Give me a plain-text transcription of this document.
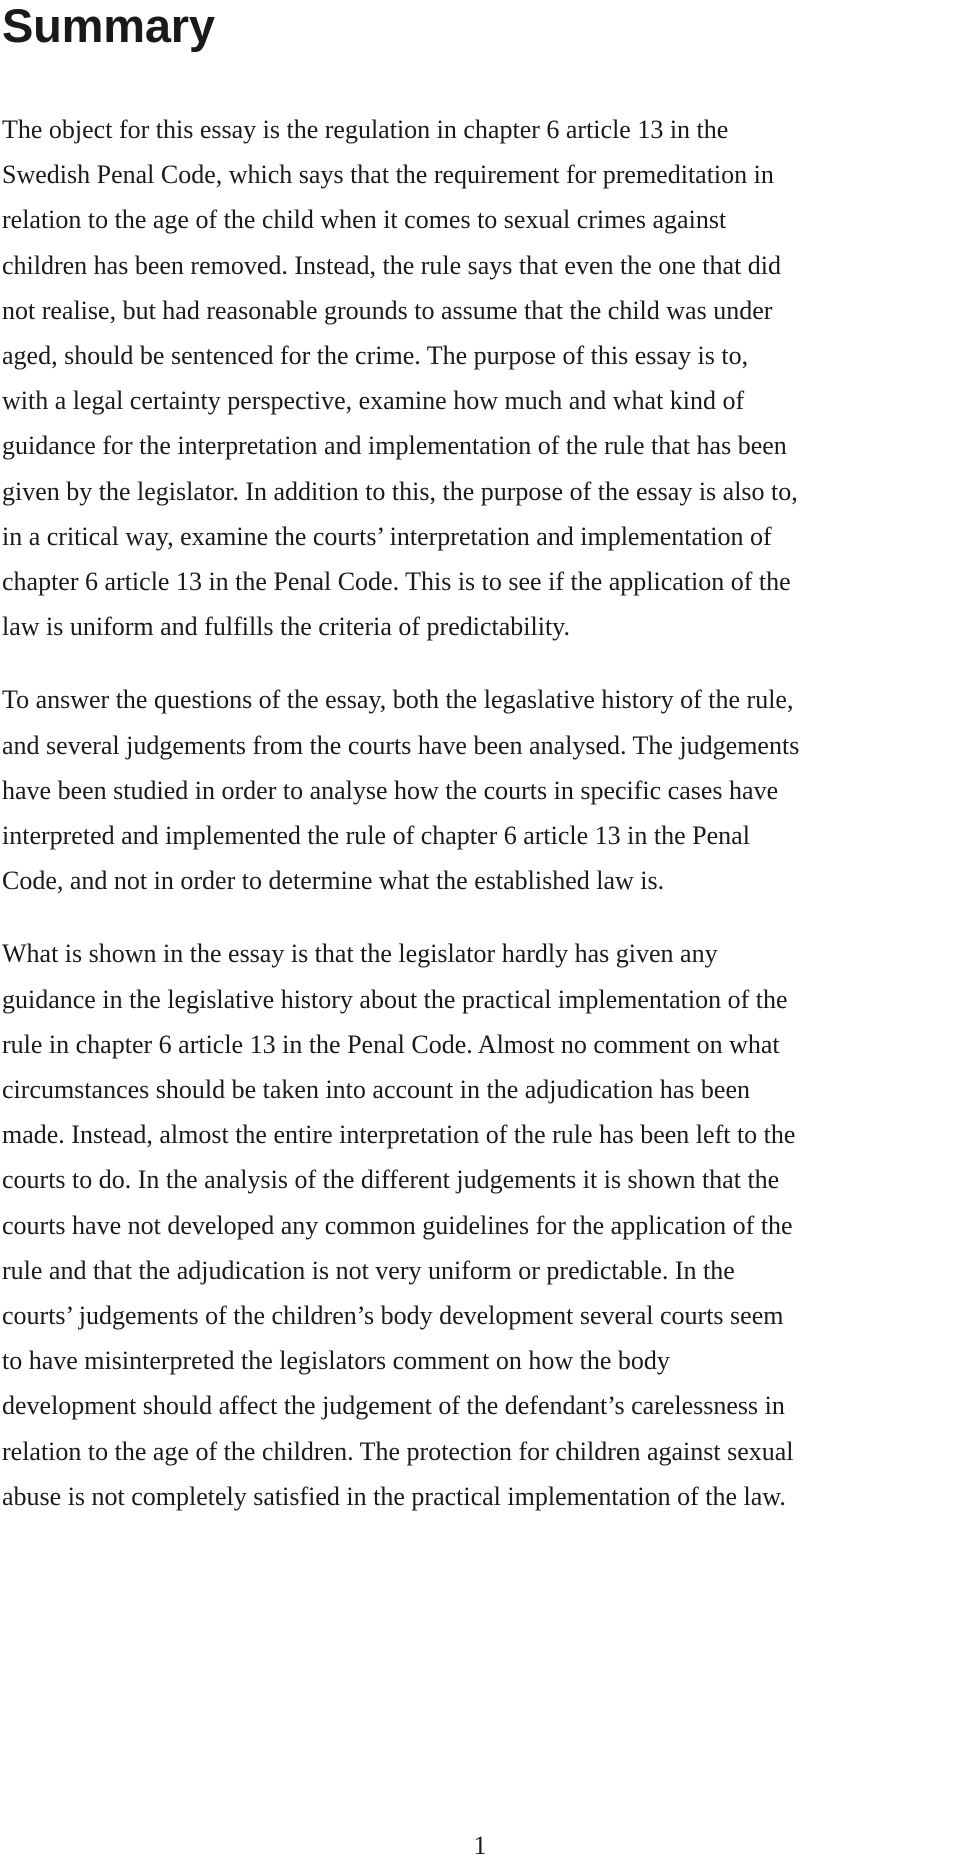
Summary

The object for this essay is the regulation in chapter 6 article 13 in the
Swedish Penal Code, which says that the requirement for premeditation in
relation to the age of the child when it comes to sexual crimes against
children has been removed. Instead, the rule says that even the one that did
not realise, but had reasonable grounds to assume that the child was under
aged, should be sentenced for the crime. The purpose of this essay is to,
with a legal certainty perspective, examine how much and what kind of
guidance for the interpretation and implementation of the rule that has been
given by the legislator. In addition to this, the purpose of the essay is also to,
in a critical way, examine the courts’ interpretation and implementation of
chapter 6 article 13 in the Penal Code. This is to see if the application of the
law is uniform and fulfills the criteria of predictability.

To answer the questions of the essay, both the legaslative history of the rule,
and several judgements from the courts have been analysed. The judgements
have been studied in order to analyse how the courts in specific cases have
interpreted and implemented the rule of chapter 6 article 13 in the Penal
Code, and not in order to determine what the established law is.

What is shown in the essay is that the legislator hardly has given any
guidance in the legislative history about the practical implementation of the
rule in chapter 6 article 13 in the Penal Code. Almost no comment on what
circumstances should be taken into account in the adjudication has been
made. Instead, almost the entire interpretation of the rule has been left to the
courts to do. In the analysis of the different judgements it is shown that the
courts have not developed any common guidelines for the application of the
rule and that the adjudication is not very uniform or predictable. In the
courts’ judgements of the children’s body development several courts seem
to have misinterpreted the legislators comment on how the body
development should affect the judgement of the defendant’s carelessness in
relation to the age of the children. The protection for children against sexual
abuse is not completely satisfied in the practical implementation of the law.

1
